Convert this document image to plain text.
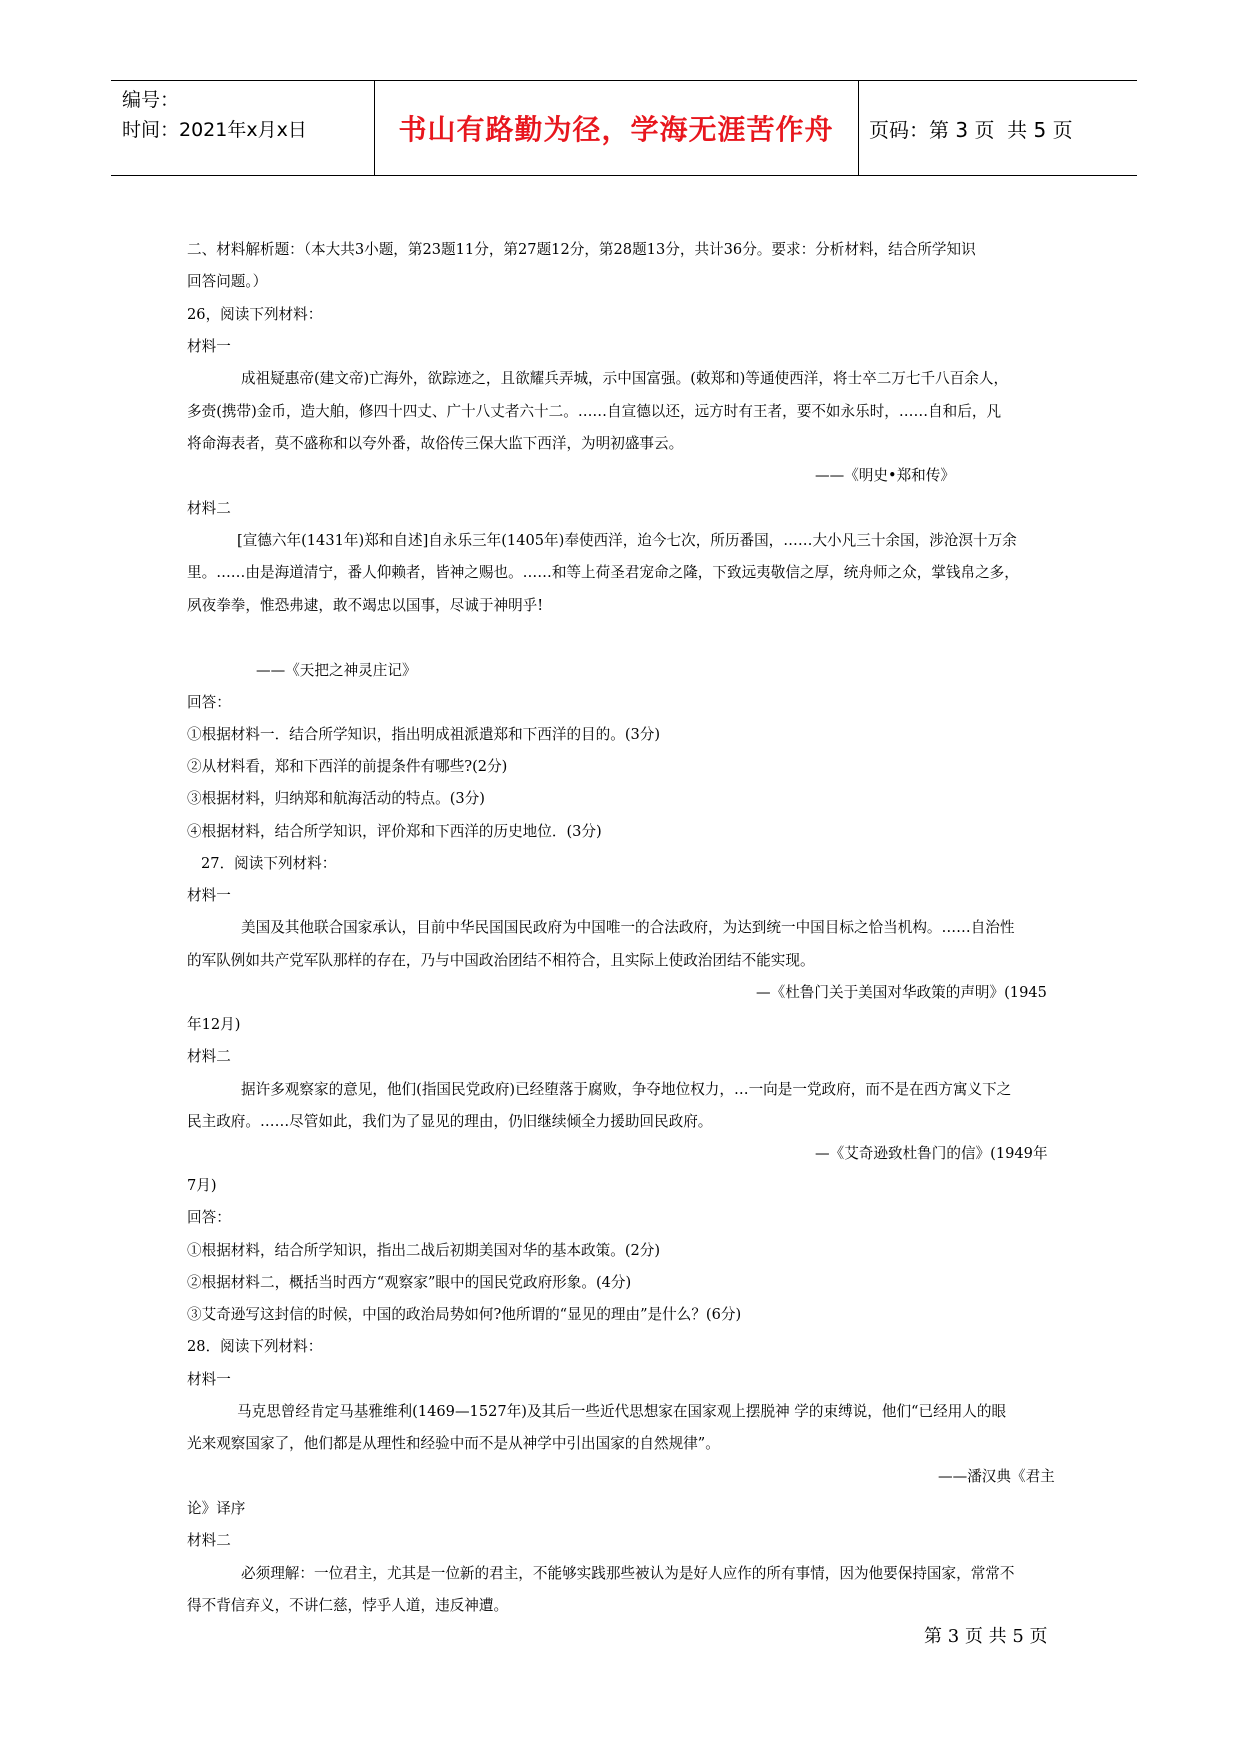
编号：
时间：2021年x月x日	书山有路勤为径，学海无涯苦作舟	页码：第 3 页  共 5 页
二、材料解析题：（本大共3小题，第23题11分，第27题12分，第28题13分，共计36分。要求：分析材料，结合所学知识
回答问题。）
26，阅读下列材料：
材料一
成祖疑惠帝(建文帝)亡海外，欲踪迹之，且欲耀兵弄城，示中国富强。(敕郑和)等通使西洋，将士卒二万七千八百余人，
多赍(携带)金币，造大舶，修四十四丈、广十八丈者六十二。……自宣德以还，远方时有王者，要不如永乐时，……自和后，凡
将命海表者，莫不盛称和以夸外番，故俗传三保大监下西洋，为明初盛事云。
——《明史•郑和传》
材料二
[宣德六年(1431年)郑和自述]自永乐三年(1405年)奉使西洋，迨今七次，所历番国，……大小凡三十余国，涉沧溟十万余
里。……由是海道清宁，番人仰赖者，皆神之赐也。……和等上荷圣君宠命之隆，下致远夷敬信之厚，统舟师之众，掌钱帛之多，
夙夜拳拳，惟恐弗逮，敢不竭忠以国事，尽诚于神明乎!
——《天把之神灵庄记》
回答：
①根据材料一．结合所学知识，指出明成祖派遣郑和下西洋的目的。(3分)
②从材料看，郑和下西洋的前提条件有哪些?(2分)
③根据材料，归纳郑和航海活动的特点。(3分)
④根据材料，结合所学知识，评价郑和下西洋的历史地位．(3分)
27．阅读下列材料：
材料一
美国及其他联合国家承认，目前中华民国国民政府为中国唯一的合法政府，为达到统一中国目标之恰当机构。……自治性
的军队例如共产党军队那样的存在，乃与中国政治团结不相符合，且实际上使政治团结不能实现。
—《杜鲁门关于美国对华政策的声明》(1945
年12月)
材料二
据许多观察家的意见，他们(指国民党政府)已经堕落于腐败，争夺地位权力，…一向是一党政府，而不是在西方寓义下之
民主政府。……尽管如此，我们为了显见的理由，仍旧继续倾全力援助回民政府。
—《艾奇逊致杜鲁门的信》(1949年
7月)
回答：
①根据材料，结合所学知识，指出二战后初期美国对华的基本政策。(2分)
②根据材料二，概括当时西方“观察家”眼中的国民党政府形象。(4分)
③艾奇逊写这封信的时候，中国的政治局势如何?他所谓的“显见的理由”是什么？(6分)
28．阅读下列材料：
材料一
马克思曾经肯定马基雅维利(1469—1527年)及其后一些近代思想家在国家观上摆脱神 学的束缚说，他们“已经用人的眼
光来观察国家了，他们都是从理性和经验中而不是从神学中引出国家的自然规律”。
——潘汉典《君主
论》译序
材料二
必须理解：一位君主，尤其是一位新的君主，不能够实践那些被认为是好人应作的所有事情，因为他要保持国家，常常不
得不背信弃义，不讲仁慈，悖乎人道，违反神遭。
第 3 页 共 5 页
